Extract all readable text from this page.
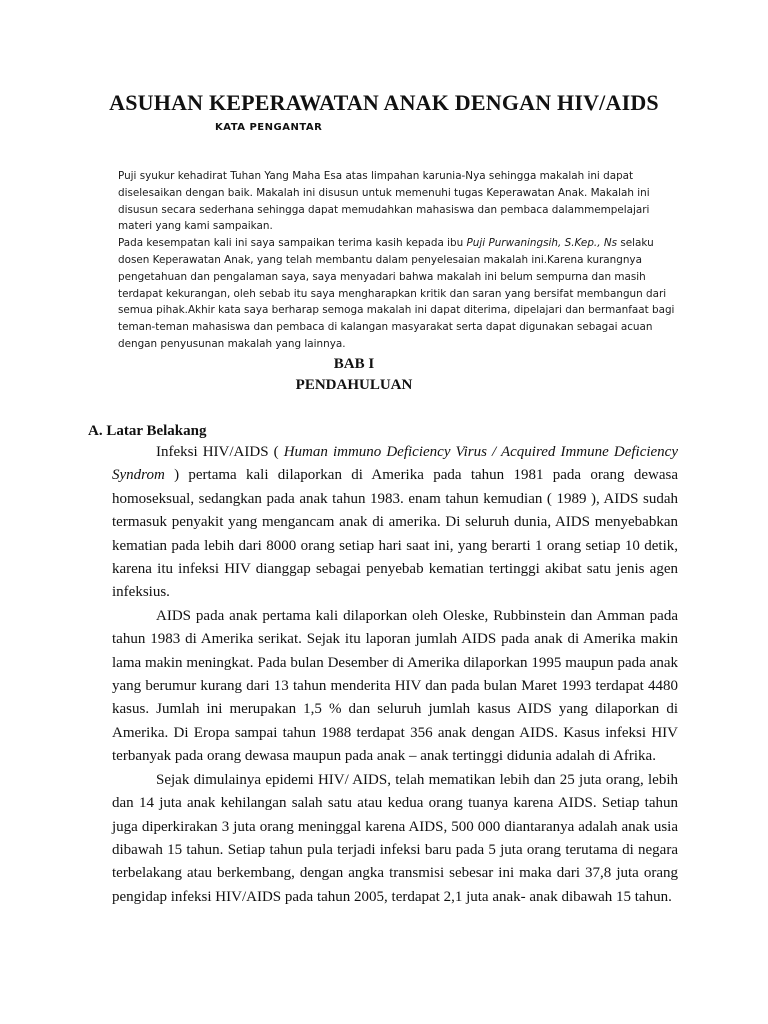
ASUHAN KEPERAWATAN ANAK DENGAN HIV/AIDS
KATA PENGANTAR

Puji syukur kehadirat Tuhan Yang Maha Esa atas limpahan karunia-Nya sehingga makalah ini dapat diselesaikan dengan baik. Makalah ini disusun untuk memenuhi tugas Keperawatan Anak. Makalah ini disusun secara sederhana sehingga dapat memudahkan mahasiswa dan pembaca dalammempelajari materi yang kami sampaikan.

Pada kesempatan kali ini saya sampaikan terima kasih kepada ibu Puji Purwaningsih, S.Kep., Ns selaku dosen Keperawatan Anak, yang telah membantu dalam penyelesaian makalah ini.Karena kurangnya pengetahuan dan pengalaman saya, saya menyadari bahwa makalah ini belum sempurna dan masih terdapat kekurangan, oleh sebab itu saya mengharapkan kritik dan saran yang bersifat membangun dari semua pihak.Akhir kata saya berharap semoga makalah ini dapat diterima, dipelajari dan bermanfaat bagi teman-teman mahasiswa dan pembaca di kalangan masyarakat serta dapat digunakan sebagai acuan dengan penyusunan makalah yang lainnya.

BAB I
PENDAHULUAN
A. Latar Belakang

Infeksi HIV/AIDS ( Human immuno Deficiency Virus / Acquired Immune Deficiency Syndrom ) pertama kali dilaporkan di Amerika pada tahun 1981 pada orang dewasa homoseksual, sedangkan pada anak tahun 1983. enam tahun kemudian ( 1989 ), AIDS sudah termasuk penyakit yang mengancam anak di amerika. Di seluruh dunia, AIDS menyebabkan kematian pada lebih dari 8000 orang setiap hari saat ini, yang berarti 1 orang setiap 10 detik, karena itu infeksi HIV dianggap sebagai penyebab kematian tertinggi akibat satu jenis agen infeksius.

AIDS pada anak pertama kali dilaporkan oleh Oleske, Rubbinstein dan Amman pada tahun 1983 di Amerika serikat. Sejak itu laporan jumlah AIDS pada anak di Amerika makin lama makin meningkat. Pada bulan Desember di Amerika dilaporkan 1995 maupun pada anak yang berumur kurang dari 13 tahun menderita HIV dan pada bulan Maret 1993 terdapat 4480 kasus. Jumlah ini merupakan 1,5 % dan seluruh jumlah kasus AIDS yang dilaporkan di Amerika. Di Eropa sampai tahun 1988 terdapat 356 anak dengan AIDS. Kasus infeksi HIV terbanyak pada orang dewasa maupun pada anak – anak tertinggi didunia adalah di Afrika.

Sejak dimulainya epidemi HIV/ AIDS, telah mematikan lebih dan 25 juta orang, lebih dan 14 juta anak kehilangan salah satu atau kedua orang tuanya karena AIDS. Setiap tahun juga diperkirakan 3 juta orang meninggal karena AIDS, 500 000 diantaranya adalah anak usia dibawah 15 tahun. Setiap tahun pula terjadi infeksi baru pada 5 juta orang terutama di negara terbelakang atau berkembang, dengan angka transmisi sebesar ini maka dari 37,8 juta orang pengidap infeksi HIV/AIDS pada tahun 2005, terdapat 2,1 juta anak- anak dibawah 15 tahun.
